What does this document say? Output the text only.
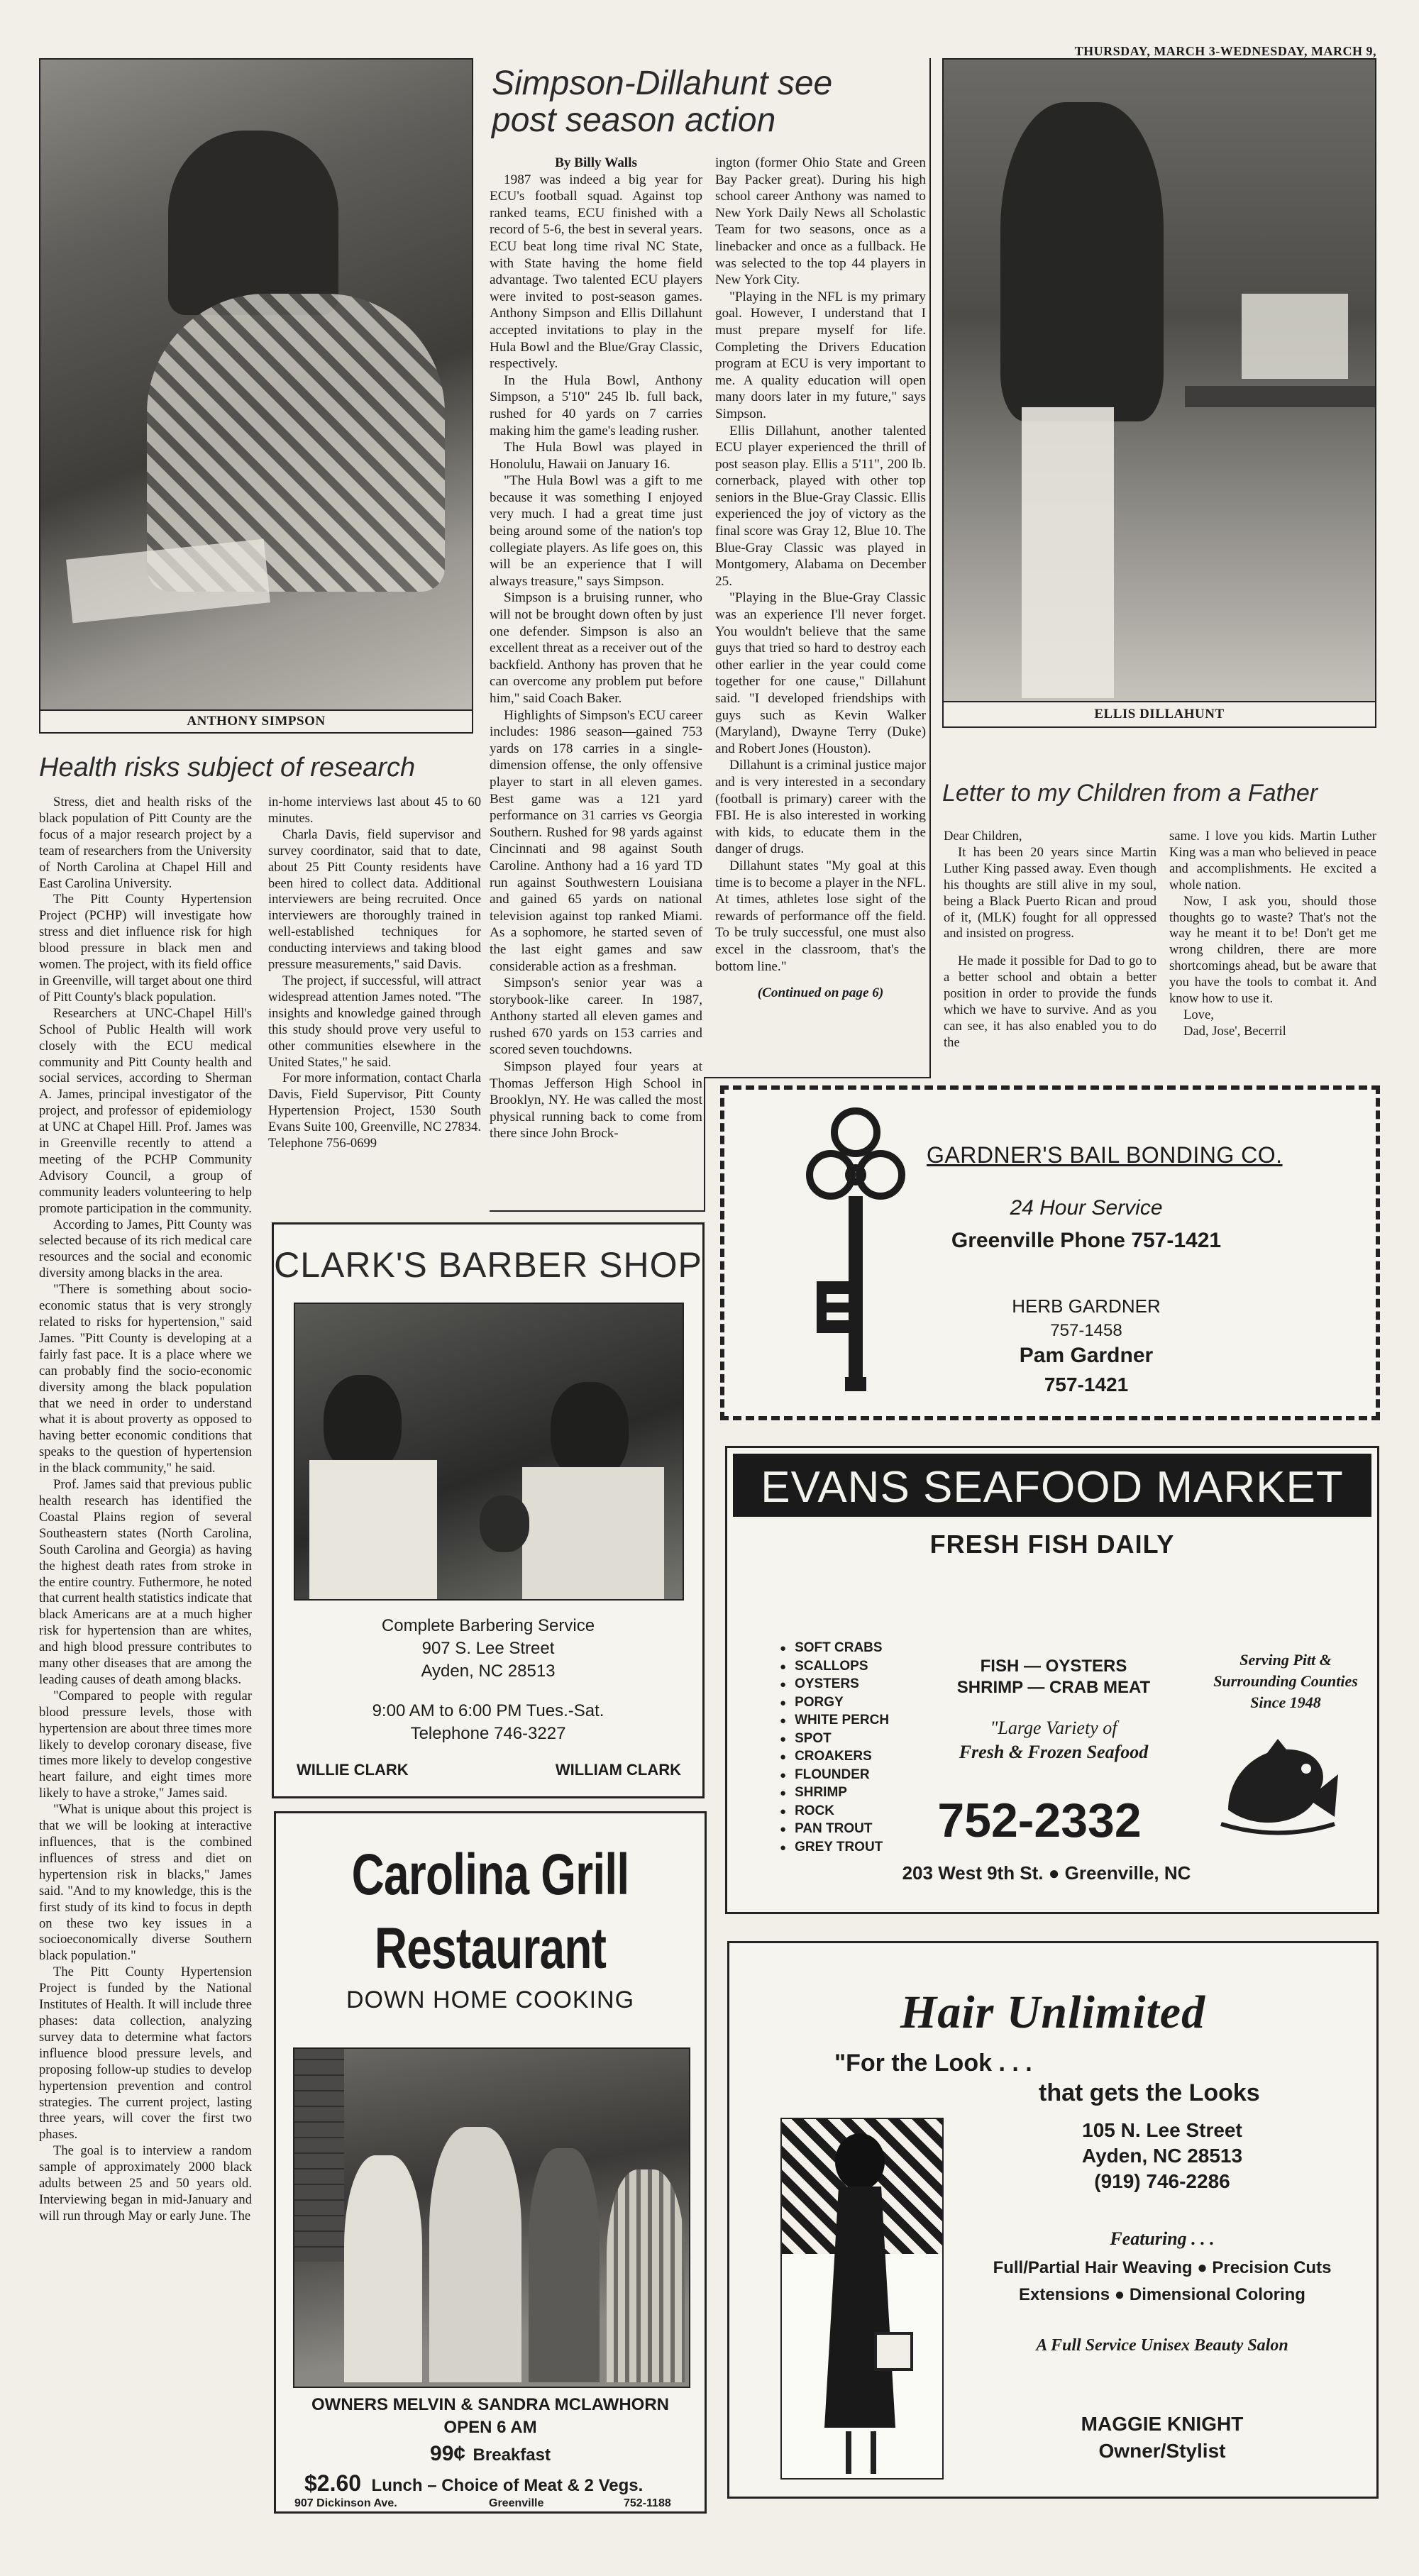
THURSDAY, MARCH 3-WEDNESDAY, MARCH 9,
ANTHONY SIMPSON	ELLIS DILLAHUNT
Simpson-Dillahunt see
post season action

By Billy Walls

1987 was indeed a big year for ECU's football squad. Against top ranked teams, ECU finished with a record of 5-6, the best in several years. ECU beat long time rival NC State, with State having the home field advantage. Two talented ECU players were invited to post-season games. Anthony Simpson and Ellis Dillahunt accepted invitations to play in the Hula Bowl and the Blue/Gray Classic, respectively.

In the Hula Bowl, Anthony Simpson, a 5'10" 245 lb. full back, rushed for 40 yards on 7 carries making him the game's leading rusher.

The Hula Bowl was played in Honolulu, Hawaii on January 16.

"The Hula Bowl was a gift to me because it was something I enjoyed very much. I had a great time just being around some of the nation's top collegiate players. As life goes on, this will be an experience that I will always treasure," says Simpson.

Simpson is a bruising runner, who will not be brought down often by just one defender. Simpson is also an excellent threat as a receiver out of the backfield. Anthony has proven that he can overcome any problem put before him," said Coach Baker.

Highlights of Simpson's ECU career includes: 1986 season—gained 753 yards on 178 carries in a single-dimension offense, the only offensive player to start in all eleven games. Best game was a 121 yard performance on 31 carries vs Georgia Southern. Rushed for 98 yards against Cincinnati and 98 against South Caroline. Anthony had a 16 yard TD run against Southwestern Louisiana and gained 65 yards on national television against top ranked Miami. As a sophomore, he started seven of the last eight games and saw considerable action as a freshman.

Simpson's senior year was a storybook-like career. In 1987, Anthony started all eleven games and rushed 670 yards on 153 carries and scored seven touchdowns.

Simpson played four years at Thomas Jefferson High School in Brooklyn, NY. He was called the most physical running back to come from there since John Brock-

ington (former Ohio State and Green Bay Packer great). During his high school career Anthony was named to New York Daily News all Scholastic Team for two seasons, once as a linebacker and once as a fullback. He was selected to the top 44 players in New York City.

"Playing in the NFL is my primary goal. However, I understand that I must prepare myself for life. Completing the Drivers Education program at ECU is very important to me. A quality education will open many doors later in my future," says Simpson.

Ellis Dillahunt, another talented ECU player experienced the thrill of post season play. Ellis a 5'11", 200 lb. cornerback, played with other top seniors in the Blue-Gray Classic. Ellis experienced the joy of victory as the final score was Gray 12, Blue 10. The Blue-Gray Classic was played in Montgomery, Alabama on December 25.

"Playing in the Blue-Gray Classic was an experience I'll never forget. You wouldn't believe that the same guys that tried so hard to destroy each other earlier in the year could come together for one cause," Dillahunt said. "I developed friendships with guys such as Kevin Walker (Maryland), Dwayne Terry (Duke) and Robert Jones (Houston).

Dillahunt is a criminal justice major and is very interested in a secondary (football is primary) career with the FBI. He is also interested in working with kids, to educate them in the danger of drugs.

Dillahunt states "My goal at this time is to become a player in the NFL. At times, athletes lose sight of the rewards of performance off the field. To be truly successful, one must also excel in the classroom, that's the bottom line."

(Continued on page 6)

Health risks subject of research

Stress, diet and health risks of the black population of Pitt County are the focus of a major research project by a team of researchers from the University of North Carolina at Chapel Hill and East Carolina University.

The Pitt County Hypertension Project (PCHP) will investigate how stress and diet influence risk for high blood pressure in black men and women. The project, with its field office in Greenville, will target about one third of Pitt County's black population.

Researchers at UNC-Chapel Hill's School of Public Health will work closely with the ECU medical community and Pitt County health and social services, according to Sherman A. James, principal investigator of the project, and professor of epidemiology at UNC at Chapel Hill. Prof. James was in Greenville recently to attend a meeting of the PCHP Community Advisory Council, a group of community leaders volunteering to help promote participation in the community.

According to James, Pitt County was selected because of its rich medical care resources and the social and economic diversity among blacks in the area.

"There is something about socio-economic status that is very strongly related to risks for hypertension," said James. "Pitt County is developing at a fairly fast pace. It is a place where we can probably find the socio-economic diversity among the black population that we need in order to understand what it is about proverty as opposed to having better economic conditions that speaks to the question of hypertension in the black community," he said.

Prof. James said that previous public health research has identified the Coastal Plains region of several Southeastern states (North Carolina, South Carolina and Georgia) as having the highest death rates from stroke in the entire country. Futhermore, he noted that current health statistics indicate that black Americans are at a much higher risk for hypertension than are whites, and high blood pressure contributes to many other diseases that are among the leading causes of death among blacks.

"Compared to people with regular blood pressure levels, those with hypertension are about three times more likely to develop coronary disease, five times more likely to develop congestive heart failure, and eight times more likely to have a stroke," James said.

"What is unique about this project is that we will be looking at interactive influences, that is the combined influences of stress and diet on hypertension risk in blacks," James said. "And to my knowledge, this is the first study of its kind to focus in depth on these two key issues in a socioeconomically diverse Southern black population."

The Pitt County Hypertension Project is funded by the National Institutes of Health. It will include three phases: data collection, analyzing survey data to determine what factors influence blood pressure levels, and proposing follow-up studies to develop hypertension prevention and control strategies. The current project, lasting three years, will cover the first two phases.

The goal is to interview a random sample of approximately 2000 black adults between 25 and 50 years old. Interviewing began in mid-January and will run through May or early June. The

in-home interviews last about 45 to 60 minutes.

Charla Davis, field supervisor and survey coordinator, said that to date, about 25 Pitt County residents have been hired to collect data. Additional interviewers are being recruited. Once interviewers are thoroughly trained in well-established techniques for conducting interviews and taking blood pressure measurements," said Davis.

The project, if successful, will attract widespread attention James noted. "The insights and knowledge gained through this study should prove very useful to other communities elsewhere in the United States," he said.

For more information, contact Charla Davis, Field Supervisor, Pitt County Hypertension Project, 1530 South Evans Suite 100, Greenville, NC 27834. Telephone 756-0699

Letter to my Children from a Father

Dear Children,

It has been 20 years since Martin Luther King passed away. Even though his thoughts are still alive in my soul, being a Black Puerto Rican and proud of it, (MLK) fought for all oppressed and insisted on progress.

He made it possible for Dad to go to a better school and obtain a better position in order to provide the funds which we have to survive. And as you can see, it has also enabled you to do the

same. I love you kids. Martin Luther King was a man who believed in peace and accomplishments. He excited a whole nation.

Now, I ask you, should those thoughts go to waste? That's not the way he meant it to be! Don't get me wrong children, there are more shortcomings ahead, but be aware that you have the tools to combat it. And know how to use it.

Love,

Dad, Jose', Becerril

CLARK'S BARBER SHOP
Complete Barbering Service
907 S. Lee Street
Ayden, NC 28513
9:00 AM to 6:00 PM Tues.-Sat.
Telephone 746-3227
WILLIE CLARK	WILLIAM CLARK
Carolina Grill
Restaurant
DOWN HOME COOKING
OWNERS MELVIN & SANDRA MCLAWHORN
OPEN 6 AM
99¢ Breakfast
$2.60 Lunch – Choice of Meat & 2 Vegs.
907 Dickinson Ave.	Greenville	752-1188
GARDNER'S BAIL BONDING CO.
24 Hour Service
Greenville Phone 757-1421
HERB GARDNER
757-1458
Pam Gardner
757-1421
EVANS SEAFOOD MARKET
FRESH FISH DAILY
● SOFT CRABS
● SCALLOPS
● OYSTERS
● PORGY
● WHITE PERCH
● SPOT
● CROAKERS
● FLOUNDER
● SHRIMP
● ROCK
● PAN TROUT
● GREY TROUT
FISH — OYSTERS
SHRIMP — CRAB MEAT
"Large Variety of
Fresh & Frozen Seafood
Serving Pitt &
Surrounding Counties
Since 1948
752-2332
203 West 9th St. ● Greenville, NC
Hair Unlimited
"For the Look . . .
that gets the Looks
105 N. Lee Street
Ayden, NC 28513
(919) 746-2286
Featuring . . .
Full/Partial Hair Weaving ● Precision Cuts
Extensions ● Dimensional Coloring
A Full Service Unisex Beauty Salon
MAGGIE KNIGHT
Owner/Stylist
